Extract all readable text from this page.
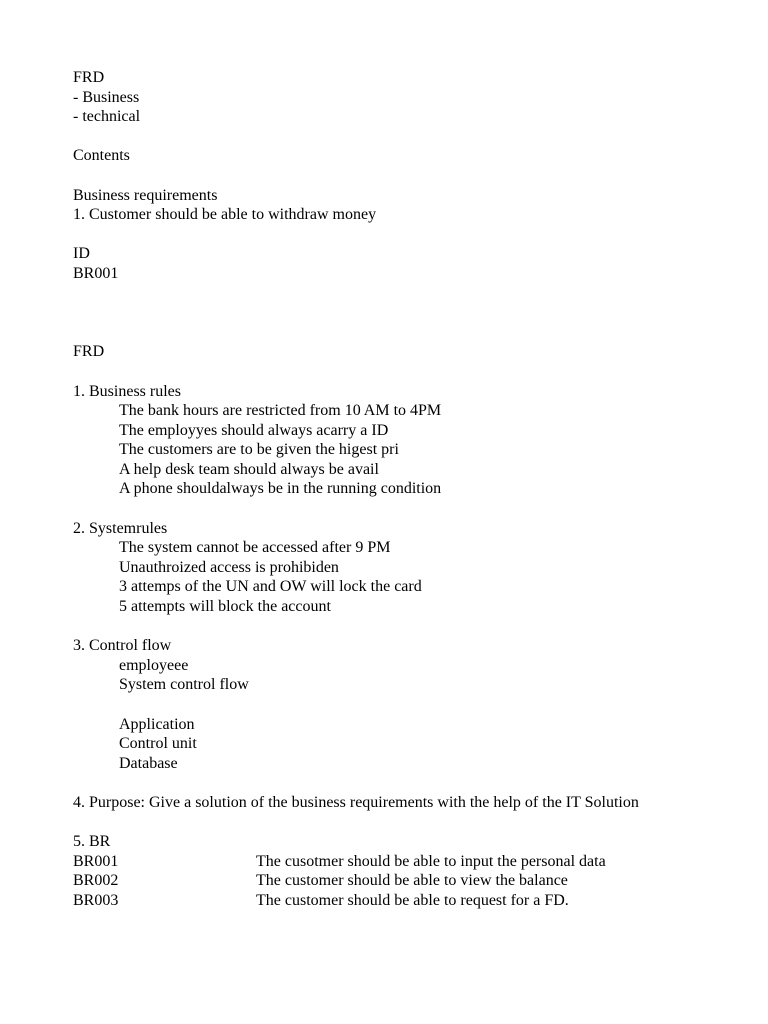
FRD
- Business
- technical
Contents
Business requirements
1. Customer should be able to withdraw money
ID
BR001
FRD
1. Business rules
The bank hours are restricted from 10 AM to 4PM
The employyes should always acarry a ID
The customers are to be given the higest pri
A help desk team should always be avail
A phone shouldalways be in the running condition
2. Systemrules
The system cannot be accessed after 9 PM
Unauthroized access is prohibiden
3 attemps of the UN and OW will lock the card
5 attempts will block the account
3. Control flow
employeee
System control flow
Application
Control unit
Database
4. Purpose: Give a solution of the business requirements with the help of the IT Solution
5. BR
BR001	The cusotmer should be able to input the personal data
BR002	The customer should be able to view the balance
BR003	The customer should be able to request for a FD.
